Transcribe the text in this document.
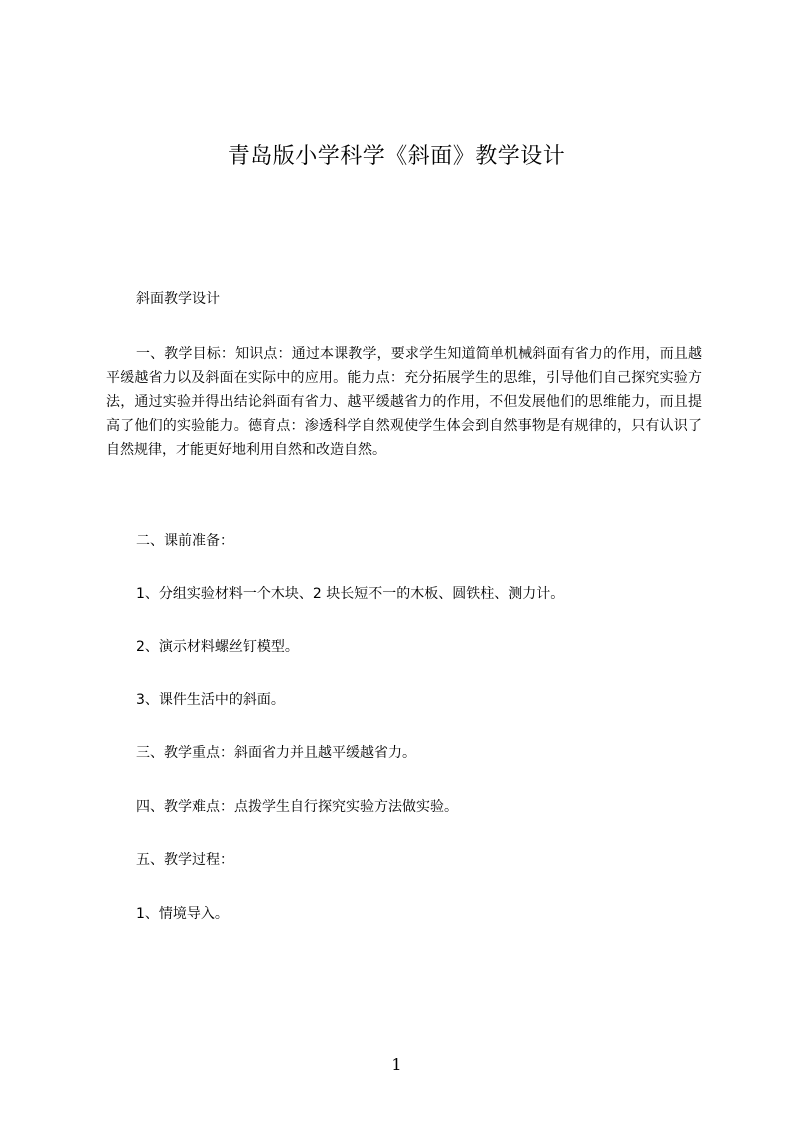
青岛版小学科学《斜面》教学设计
斜面教学设计
一、教学目标：知识点：通过本课教学，要求学生知道简单机械斜面有省力的作用，而且越平缓越省力以及斜面在实际中的应用。能力点：充分拓展学生的思维，引导他们自己探究实验方法，通过实验并得出结论斜面有省力、越平缓越省力的作用，不但发展他们的思维能力，而且提高了他们的实验能力。德育点：渗透科学自然观使学生体会到自然事物是有规律的，只有认识了自然规律，才能更好地利用自然和改造自然。
二、课前准备：
1、分组实验材料一个木块、2 块长短不一的木板、圆铁柱、测力计。
2、演示材料螺丝钉模型。
3、课件生活中的斜面。
三、教学重点：斜面省力并且越平缓越省力。
四、教学难点：点拨学生自行探究实验方法做实验。
五、教学过程：
1、情境导入。
1
